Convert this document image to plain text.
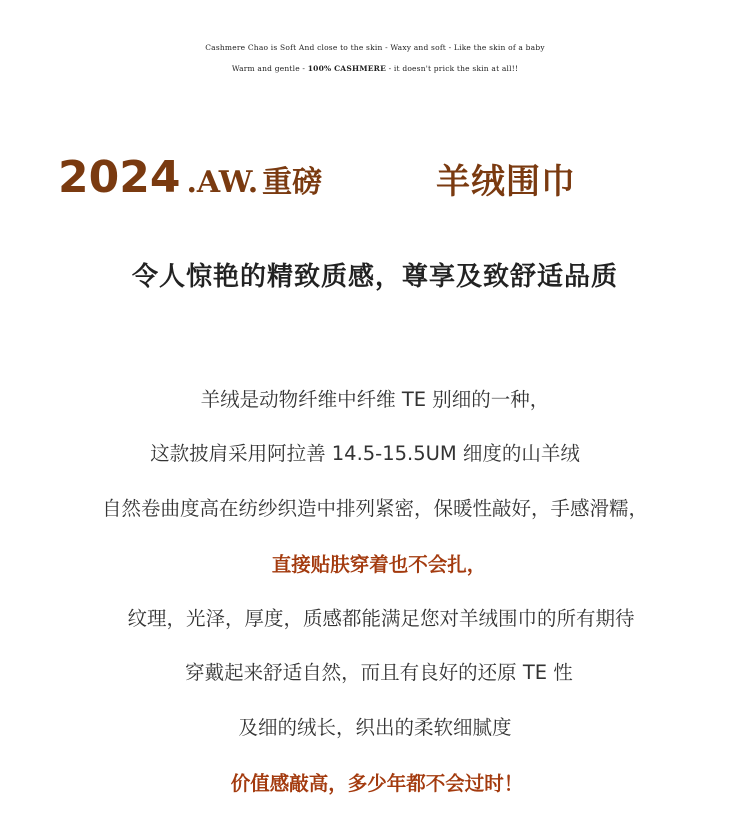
Cashmere Chao is Soft And close to the skin - Waxy and soft - Like the skin of a baby
Warm and gentle - 100% CASHMERE - it doesn't prick the skin at all!!
2024 .AW. 重磅	羊绒围巾
令人惊艳的精致质感，尊享及致舒适品质
羊绒是动物纤维中纤维 TE 别细的一种，
这款披肩采用阿拉善 14.5-15.5UM 细度的山羊绒
自然卷曲度高在纺纱织造中排列紧密，保暖性敲好，手感滑糯，
直接贴肤穿着也不会扎，
纹理，光泽，厚度，质感都能满足您对羊绒围巾的所有期待
穿戴起来舒适自然，而且有良好的还原 TE 性
及细的绒长，织出的柔软细腻度
价值感敲高，多少年都不会过时！
